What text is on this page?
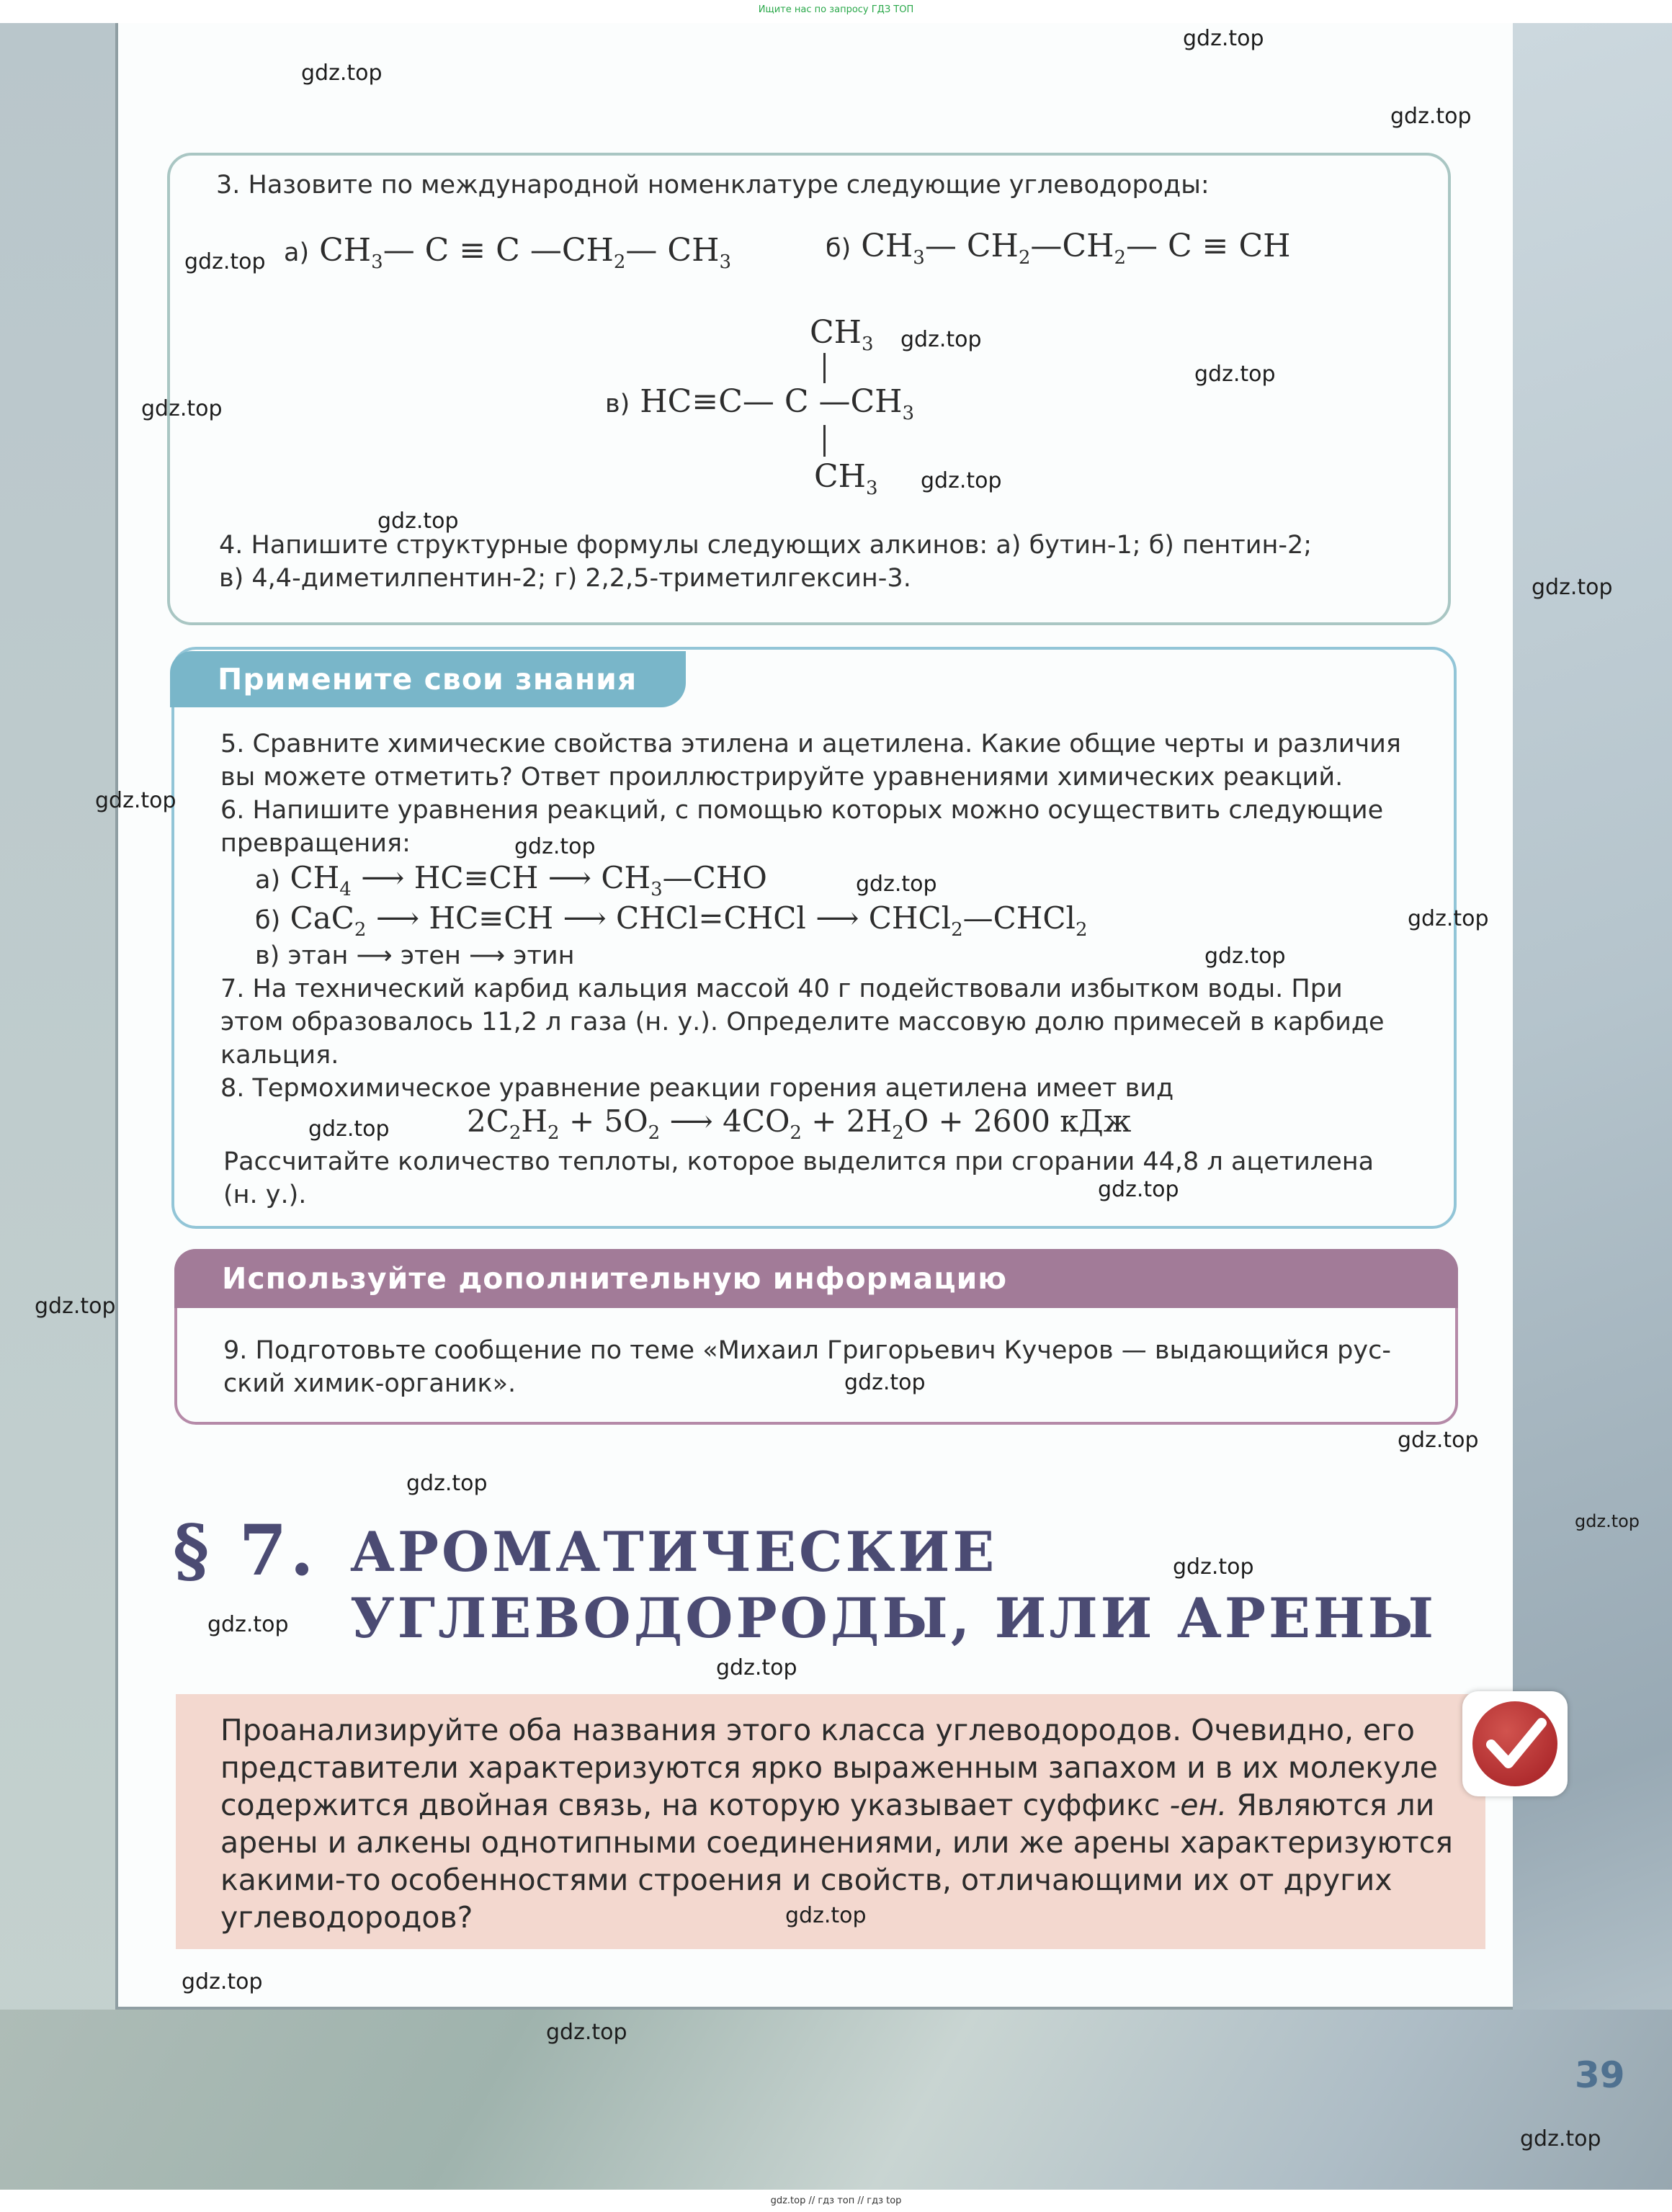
Ищите нас по запросу ГДЗ ТОП
gdz.top // гдз топ // гдз top
3. Назовите по международной номенклатуре следующие углеводороды:
а) $CH_3—$ C ≡ C $—CH_2—$ $CH_3$	б) $CH_3—$ $CH_2—CH_2—$ C ≡ CH
$CH_3$
в) HC≡C— C $—CH_3$
$CH_3$
4. Напишите структурные формулы следующих алкинов: а) бутин-1; б) пентин-2;
в) 4,4-диметилпентин-2; г) 2,2,5-триметилгексин-3.
Примените свои знания
5. Сравните химические свойства этилена и ацетилена. Какие общие черты и различия
вы можете отметить? Ответ проиллюстрируйте уравнениями химических реакций.
6. Напишите уравнения реакций, с помощью которых можно осуществить следующие
превращения:
а) $CH_4$ ⟶ HC≡CH ⟶ $CH_3—CHO$
б) CaC$_2$ ⟶ HC≡CH ⟶ CHCl=CHCl ⟶ CHCl$_2$—CHCl$_2$
в) этан ⟶ этен ⟶ этин
7. На технический карбид кальция массой 40 г подействовали избытком воды. При
этом образовалось 11,2 л газа (н. у.). Определите массовую долю примесей в карбиде
кальция.
8. Термохимическое уравнение реакции горения ацетилена имеет вид
$2C_2H_2 + 5O_2$ ⟶ $4CO_2 + 2H_2O + 2600$ кДж
Рассчитайте количество теплоты, которое выделится при сгорании 44,8 л ацетилена
(н. у.).
Используйте дополнительную информацию
9. Подготовьте сообщение по теме «Михаил Григорьевич Кучеров — выдающийся рус-
ский химик-органик».
§ 7. АРОМАТИЧЕСКИЕ
УГЛЕВОДОРОДЫ, ИЛИ АРЕНЫ
Проанализируйте оба названия этого класса углеводородов. Очевидно, его
представители характеризуются ярко выраженным запахом и в их молекуле
содержится двойная связь, на которую указывает суффикс -ен. Являются ли
арены и алкены однотипными соединениями, или же арены характеризуются
какими-то особенностями строения и свойств, отличающими их от других
углеводородов?
39
gdz.top
gdz.top
gdz.top
gdz.top
gdz.top
gdz.top
gdz.top
gdz.top
gdz.top
gdz.top
gdz.top
gdz.top
gdz.top
gdz.top
gdz.top
gdz.top
gdz.top
gdz.top
gdz.top
gdz.top
gdz.top
gdz.top
gdz.top
gdz.top
gdz.top
gdz.top
gdz.top
gdz.top
gdz.top
